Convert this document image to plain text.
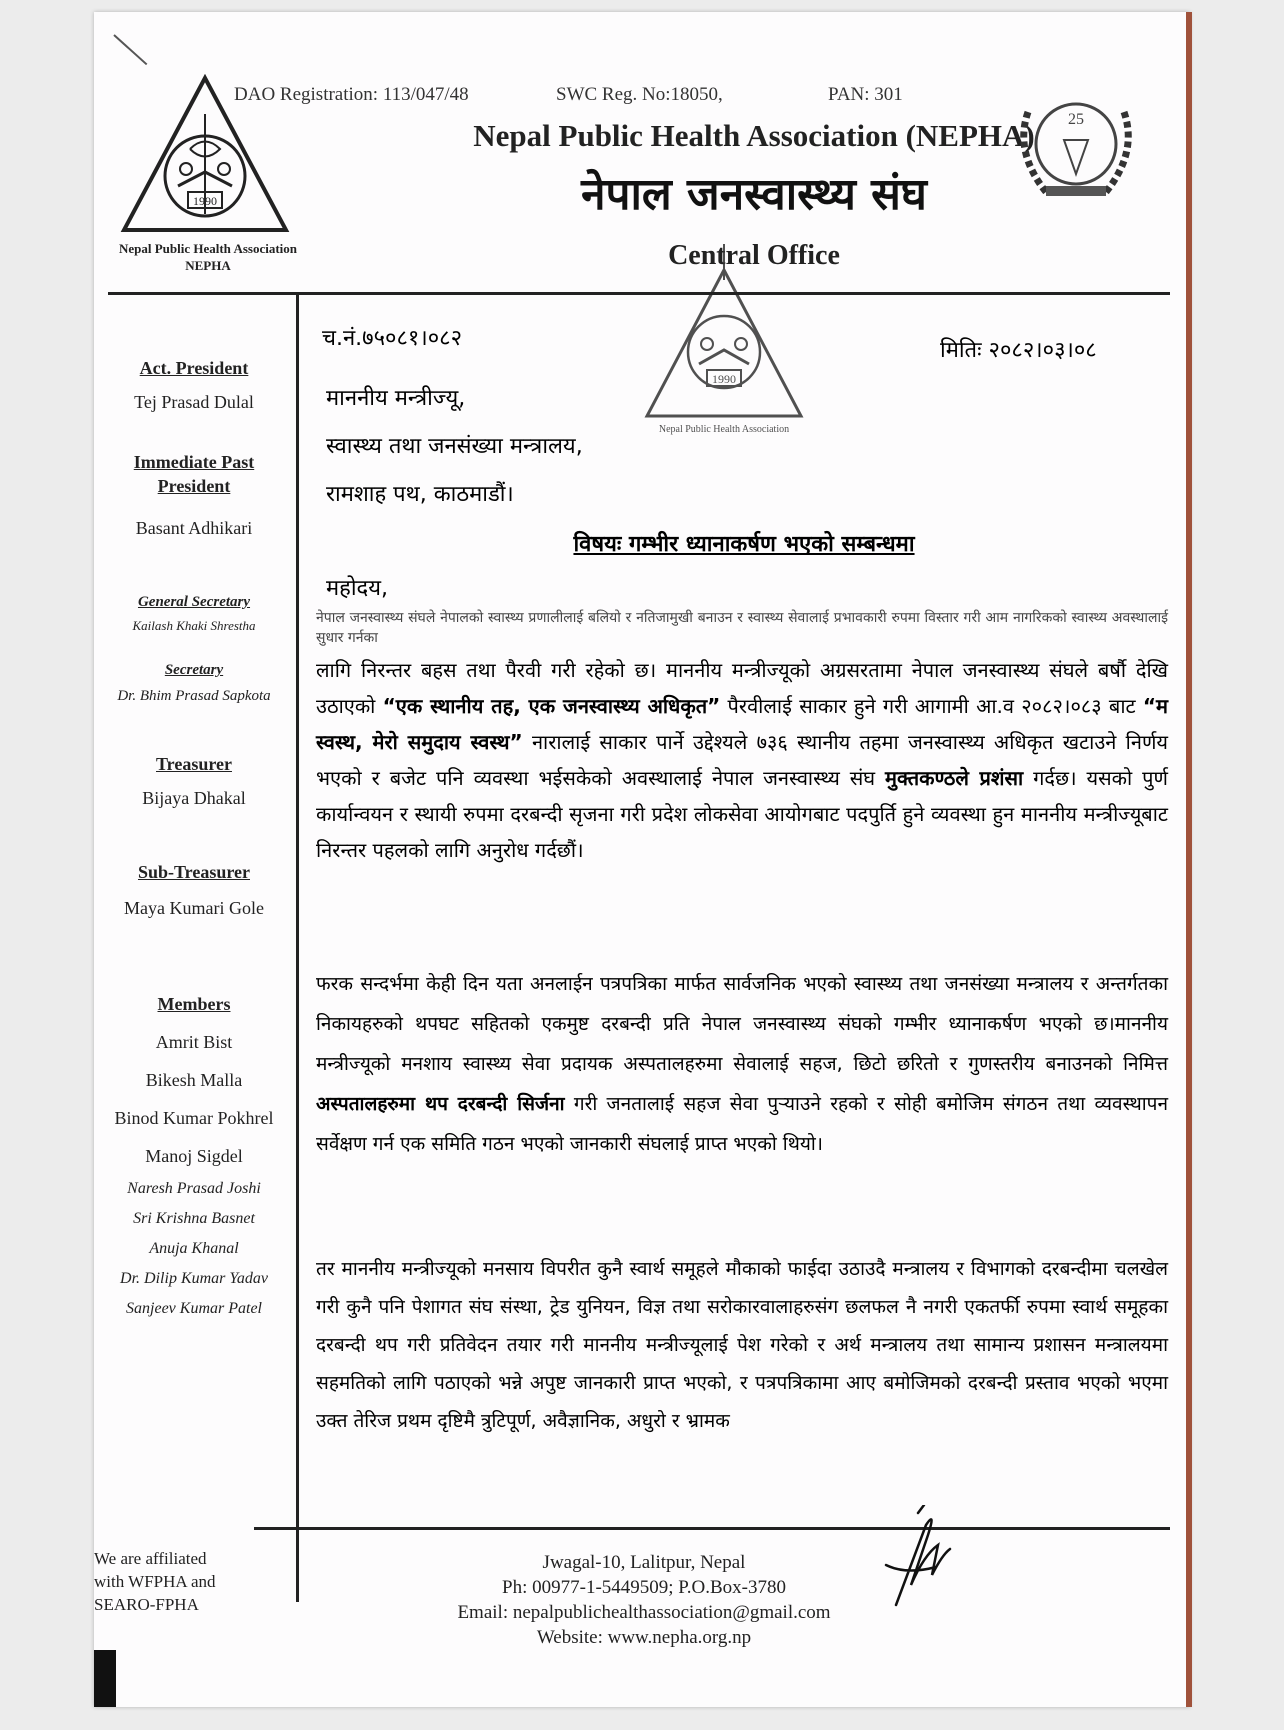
1990
Nepal Public Health Association
NEPHA
DAO Registration: 113/047/48	SWC Reg. No:18050,	PAN: 301
Nepal Public Health Association (NEPHA)
नेपाल जनस्वास्थ्य संघ
Central Office
25
1990
Nepal Public Health Association
Act. President
Tej Prasad Dulal
Immediate Past
President
Basant Adhikari
General Secretary
Kailash Khaki Shrestha
Secretary
Dr. Bhim Prasad Sapkota
Treasurer
Bijaya Dhakal
Sub-Treasurer
Maya Kumari Gole
Members
Amrit Bist
Bikesh Malla
Binod Kumar Pokhrel
Manoj Sigdel
Naresh Prasad Joshi
Sri Krishna Basnet
Anuja Khanal
Dr. Dilip Kumar Yadav
Sanjeev Kumar Patel
च.नं.७५०८१।०८२	मितिः २०८२।०३।०८
माननीय मन्त्रीज्यू,
स्वास्थ्य तथा जनसंख्या मन्त्रालय,
रामशाह पथ, काठमाडौं।
विषयः गम्भीर ध्यानाकर्षण भएको सम्बन्धमा
महोदय,
नेपाल जनस्वास्थ्य संघले नेपालको स्वास्थ्य प्रणालीलाई बलियो र नतिजामुखी बनाउन र स्वास्थ्य सेवालाई प्रभावकारी रुपमा विस्तार गरी आम नागरिकको स्वास्थ्य अवस्थालाई सुधार गर्नका
लागि निरन्तर बहस तथा पैरवी गरी रहेको छ। माननीय मन्त्रीज्यूको अग्रसरतामा नेपाल जनस्वास्थ्य संघले बर्षौ देखि उठाएको “एक स्थानीय तह, एक जनस्वास्थ्य अधिकृत” पैरवीलाई साकार हुने गरी आगामी आ.व २०८२।०८३ बाट “म स्वस्थ, मेरो समुदाय स्वस्थ” नारालाई साकार पार्ने उद्देश्यले ७३६ स्थानीय तहमा जनस्वास्थ्य अधिकृत खटाउने निर्णय भएको र बजेट पनि व्यवस्था भईसकेको अवस्थालाई नेपाल जनस्वास्थ्य संघ मुक्तकण्ठले प्रशंसा गर्दछ। यसको पुर्ण कार्यान्वयन र स्थायी रुपमा दरबन्दी सृजना गरी प्रदेश लोकसेवा आयोगबाट पदपुर्ति हुने व्यवस्था हुन माननीय मन्त्रीज्यूबाट निरन्तर पहलको लागि अनुरोध गर्दछौं।
फरक सन्दर्भमा केही दिन यता अनलाईन पत्रपत्रिका मार्फत सार्वजनिक भएको स्वास्थ्य तथा जनसंख्या मन्त्रालय र अन्तर्गतका निकायहरुको थपघट सहितको एकमुष्ट दरबन्दी प्रति नेपाल जनस्वास्थ्य संघको गम्भीर ध्यानाकर्षण भएको छ।माननीय मन्त्रीज्यूको मनशाय स्वास्थ्य सेवा प्रदायक अस्पतालहरुमा सेवालाई सहज, छिटो छरितो र गुणस्तरीय बनाउनको निमित्त अस्पतालहरुमा थप दरबन्दी सिर्जना गरी जनतालाई सहज सेवा पुऱ्याउने रहको र सोही बमोजिम संगठन तथा व्यवस्थापन सर्वेक्षण गर्न एक समिति गठन भएको जानकारी संघलाई प्राप्त भएको थियो।
तर माननीय मन्त्रीज्यूको मनसाय विपरीत कुनै स्वार्थ समूहले मौकाको फाईदा उठाउदै मन्त्रालय र विभागको दरबन्दीमा चलखेल गरी कुनै पनि पेशागत संघ संस्था, ट्रेड युनियन, विज्ञ तथा सरोकारवालाहरुसंग छलफल नै नगरी एकतर्फी रुपमा स्वार्थ समूहका दरबन्दी थप गरी प्रतिवेदन तयार गरी माननीय मन्त्रीज्यूलाई पेश गरेको र अर्थ मन्त्रालय तथा सामान्य प्रशासन मन्त्रालयमा सहमतिको लागि पठाएको भन्ने अपुष्ट जानकारी प्राप्त भएको, र पत्रपत्रिकामा आए बमोजिमको दरबन्दी प्रस्ताव भएको भएमा उक्त तेरिज प्रथम दृष्टिमै त्रुटिपूर्ण, अवैज्ञानिक, अधुरो र भ्रामक
We are affiliated
with WFPHA and
SEARO-FPHA
Jwagal-10, Lalitpur, Nepal
Ph: 00977-1-5449509; P.O.Box-3780
Email: nepalpublichealthassociation@gmail.com
Website: www.nepha.org.np
